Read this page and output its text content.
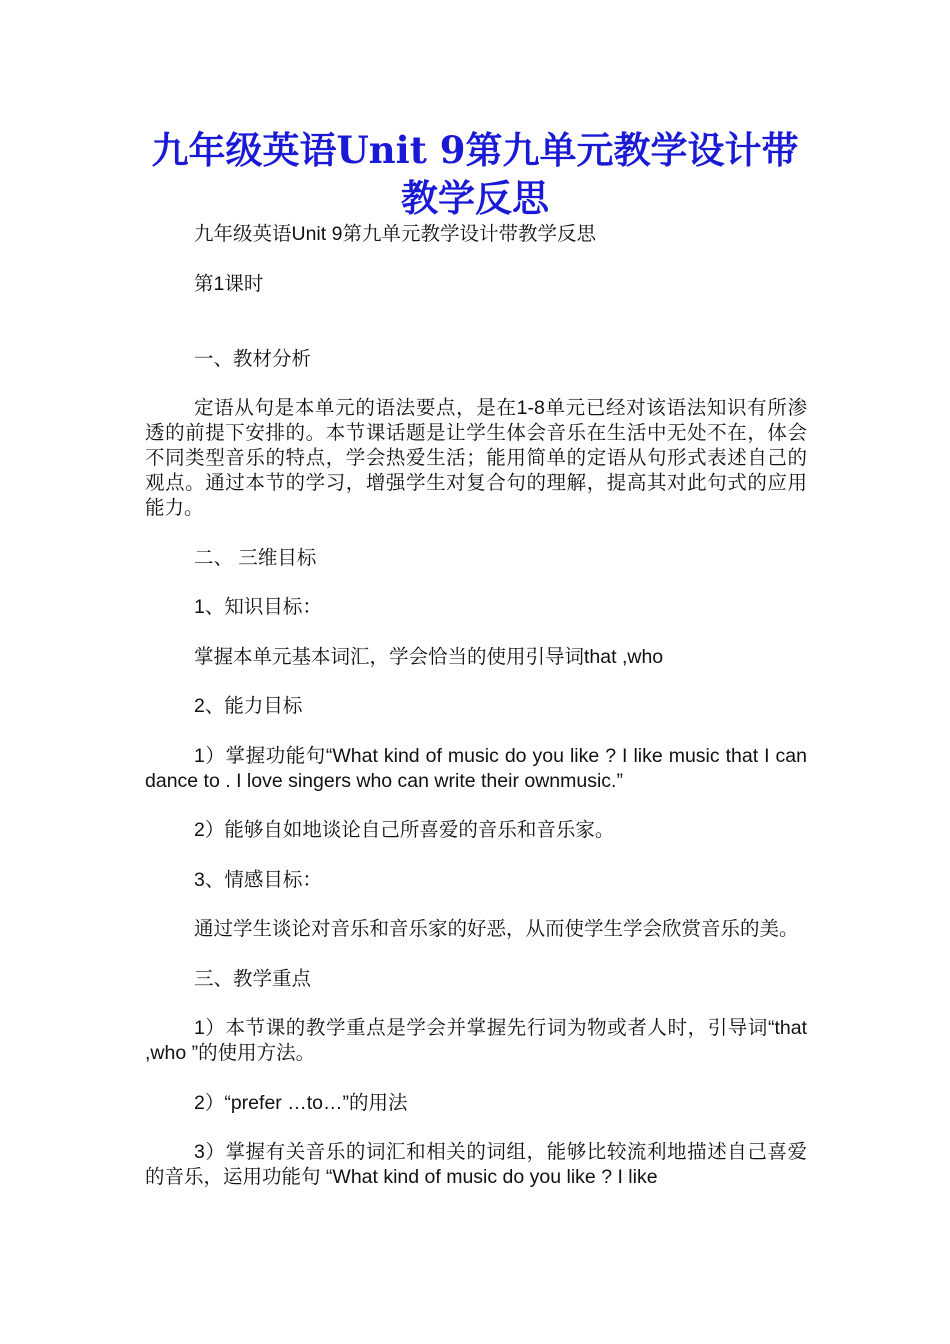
九年级英语Unit 9第九单元教学设计带教学反思

九年级英语Unit 9第九单元教学设计带教学反思

第1课时

一、教材分析

定语从句是本单元的语法要点，是在1-8单元已经对该语法知识有所渗透的前提下安排的。本节课话题是让学生体会音乐在生活中无处不在，体会不同类型音乐的特点，学会热爱生活；能用简单的定语从句形式表述自己的观点。通过本节的学习，增强学生对复合句的理解，提高其对此句式的应用能力。

二、 三维目标

1、知识目标：

掌握本单元基本词汇，学会恰当的使用引导词that ,who

2、能力目标

1）掌握功能句“What kind of music do you like ? I like music that I can dance to . I love singers who can write their ownmusic.”

2）能够自如地谈论自己所喜爱的音乐和音乐家。

3、情感目标：

通过学生谈论对音乐和音乐家的好恶，从而使学生学会欣赏音乐的美。

三、教学重点

1）本节课的教学重点是学会并掌握先行词为物或者人时，引导词“that ,who ”的使用方法。

2）“prefer …to…”的用法

3）掌握有关音乐的词汇和相关的词组，能够比较流利地描述自己喜爱的音乐，运用功能句 “What kind of music do you like ? I like
